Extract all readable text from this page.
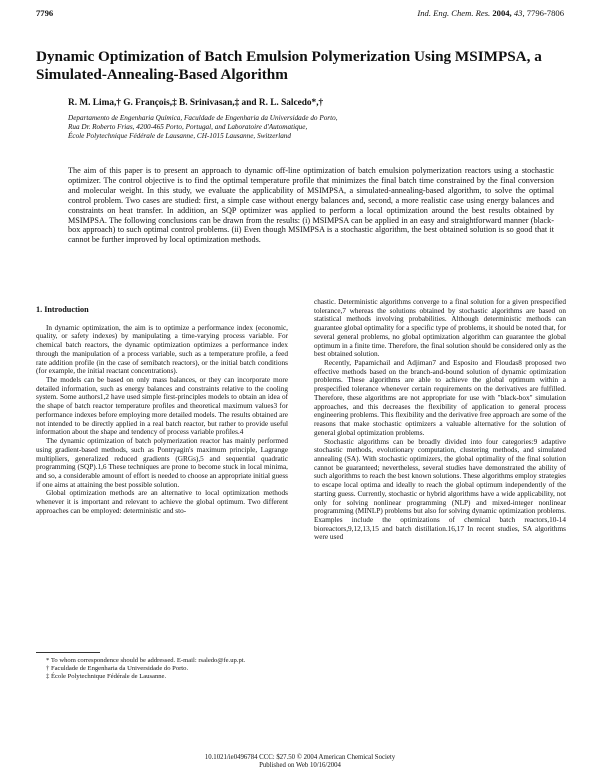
7796	Ind. Eng. Chem. Res. 2004, 43, 7796-7806
Dynamic Optimization of Batch Emulsion Polymerization Using MSIMPSA, a Simulated-Annealing-Based Algorithm
R. M. Lima,† G. François,‡ B. Srinivasan,‡ and R. L. Salcedo*,†
Departamento de Engenharia Química, Faculdade de Engenharia da Universidade do Porto,
Rua Dr. Roberto Frias, 4200-465 Porto, Portugal, and Laboratoire d'Automatique,
École Polytechnique Fédérale de Lausanne, CH-1015 Lausanne, Switzerland
The aim of this paper is to present an approach to dynamic off-line optimization of batch emulsion polymerization reactors using a stochastic optimizer. The control objective is to find the optimal temperature profile that minimizes the final batch time constrained by the final conversion and molecular weight. In this study, we evaluate the applicability of MSIMPSA, a simulated-annealing-based algorithm, to solve the optimal control problem. Two cases are studied: first, a simple case without energy balances and, second, a more realistic case using energy balances and constraints on heat transfer. In addition, an SQP optimizer was applied to perform a local optimization around the best results obtained by MSIMPSA. The following conclusions can be drawn from the results: (i) MSIMPSA can be applied in an easy and straightforward manner (black-box approach) to such optimal control problems. (ii) Even though MSIMPSA is a stochastic algorithm, the best obtained solution is so good that it cannot be further improved by local optimization methods.
1. Introduction

In dynamic optimization, the aim is to optimize a performance index (economic, quality, or safety indexes) by manipulating a time-varying process variable. For chemical batch reactors, the dynamic optimization optimizes a performance index through the manipulation of a process variable, such as a temperature profile, a feed rate addition profile (in the case of semibatch reactors), or the initial batch conditions (for example, the initial reactant concentrations).

The models can be based on only mass balances, or they can incorporate more detailed information, such as energy balances and constraints relative to the cooling system. Some authors1,2 have used simple first-principles models to obtain an idea of the shape of batch reactor temperature profiles and theoretical maximum values3 for performance indexes before employing more detailed models. The results obtained are not intended to be directly applied in a real batch reactor, but rather to provide useful information about the shape and tendency of process variable profiles.4

The dynamic optimization of batch polymerization reactor has mainly performed using gradient-based methods, such as Pontryagin's maximum principle, Lagrange multipliers, generalized reduced gradients (GRGs),5 and sequential quadratic programming (SQP).1,6 These techniques are prone to become stuck in local minima, and so, a considerable amount of effort is needed to choose an appropriate initial guess if one aims at attaining the best possible solution.

Global optimization methods are an alternative to local optimization methods whenever it is important and relevant to achieve the global optimum. Two different approaches can be employed: deterministic and sto-

chastic. Deterministic algorithms converge to a final solution for a given prespecified tolerance,7 whereas the solutions obtained by stochastic algorithms are based on statistical methods involving probabilities. Although deterministic methods can guarantee global optimality for a specific type of problems, it should be noted that, for several general problems, no global optimization algorithm can guarantee the global optimum in a finite time. Therefore, the final solution should be considered only as the best obtained solution.

Recently, Papamichail and Adjiman7 and Esposito and Floudas8 proposed two effective methods based on the branch-and-bound solution of dynamic optimization problems. These algorithms are able to achieve the global optimum within a prespecified tolerance whenever certain requirements on the derivatives are fulfilled. Therefore, these algorithms are not appropriate for use with "black-box" simulation approaches, and this decreases the flexibility of application to general process engineering problems. This flexibility and the derivative free approach are some of the reasons that make stochastic optimizers a valuable alternative for the solution of general global optimization problems.

Stochastic algorithms can be broadly divided into four categories:9 adaptive stochastic methods, evolutionary computation, clustering methods, and simulated annealing (SA). With stochastic optimizers, the global optimality of the final solution cannot be guaranteed; nevertheless, several studies have demonstrated the ability of such algorithms to reach the best known solutions. These algorithms employ strategies to escape local optima and ideally to reach the global optimum independently of the starting guess. Currently, stochastic or hybrid algorithms have a wide applicability, not only for solving nonlinear programming (NLP) and mixed-integer nonlinear programming (MINLP) problems but also for solving dynamic optimization problems. Examples include the optimizations of chemical batch reactors,10-14 bioreactors,9,12,13,15 and batch distillation.16,17 In recent studies, SA algorithms were used

* To whom correspondence should be addressed. E-mail: rsaledo@fe.up.pt.
† Faculdade de Engenharia da Universidade do Porto.
‡ École Polytechnique Fédérale de Lausanne.
10.1021/ie0496784 CCC: $27.50 © 2004 American Chemical Society
Published on Web 10/16/2004
